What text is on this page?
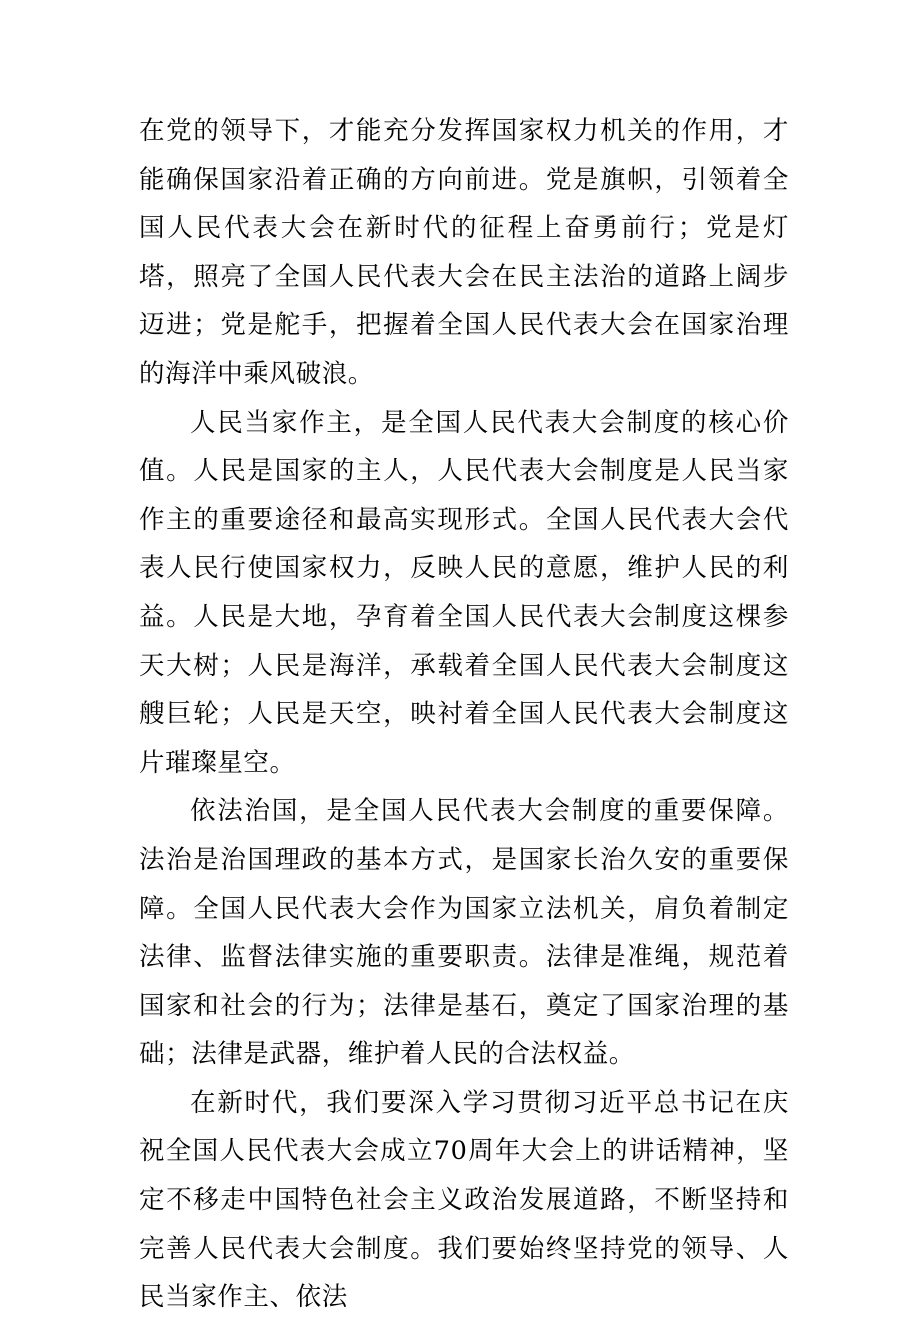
在党的领导下，才能充分发挥国家权力机关的作用，才能确保国家沿着正确的方向前进。党是旗帜，引领着全国人民代表大会在新时代的征程上奋勇前行；党是灯塔，照亮了全国人民代表大会在民主法治的道路上阔步迈进；党是舵手，把握着全国人民代表大会在国家治理的海洋中乘风破浪。

人民当家作主，是全国人民代表大会制度的核心价值。人民是国家的主人，人民代表大会制度是人民当家作主的重要途径和最高实现形式。全国人民代表大会代表人民行使国家权力，反映人民的意愿，维护人民的利益。人民是大地，孕育着全国人民代表大会制度这棵参天大树；人民是海洋，承载着全国人民代表大会制度这艘巨轮；人民是天空，映衬着全国人民代表大会制度这片璀璨星空。

依法治国，是全国人民代表大会制度的重要保障。法治是治国理政的基本方式，是国家长治久安的重要保障。全国人民代表大会作为国家立法机关，肩负着制定法律、监督法律实施的重要职责。法律是准绳，规范着国家和社会的行为；法律是基石，奠定了国家治理的基础；法律是武器，维护着人民的合法权益。

在新时代，我们要深入学习贯彻习近平总书记在庆祝全国人民代表大会成立70周年大会上的讲话精神，坚定不移走中国特色社会主义政治发展道路，不断坚持和完善人民代表大会制度。我们要始终坚持党的领导、人民当家作主、依法
